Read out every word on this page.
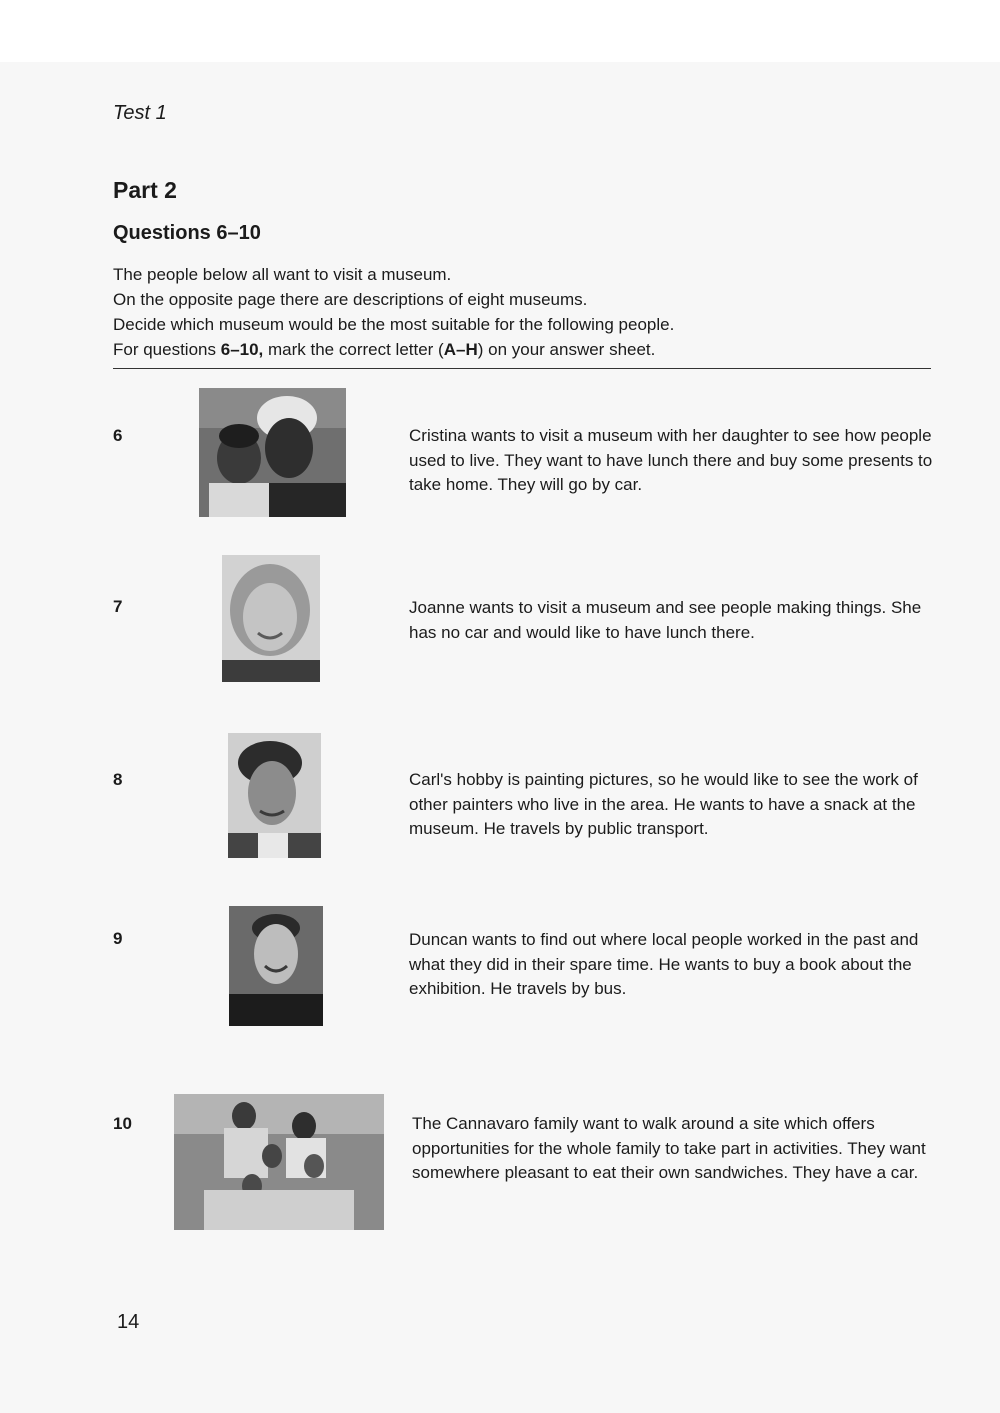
Test 1
Part 2
Questions 6–10
The people below all want to visit a museum.
On the opposite page there are descriptions of eight museums.
Decide which museum would be the most suitable for the following people.
For questions 6–10, mark the correct letter (A–H) on your answer sheet.
6	Cristina wants to visit a museum with her daughter to see how people used to live. They want to have lunch there and buy some presents to take home. They will go by car.
7	Joanne wants to visit a museum and see people making things. She has no car and would like to have lunch there.
8	Carl's hobby is painting pictures, so he would like to see the work of other painters who live in the area. He wants to have a snack at the museum. He travels by public transport.
9	Duncan wants to find out where local people worked in the past and what they did in their spare time. He wants to buy a book about the exhibition. He travels by bus.
10	The Cannavaro family want to walk around a site which offers opportunities for the whole family to take part in activities. They want somewhere pleasant to eat their own sandwiches. They have a car.
14
